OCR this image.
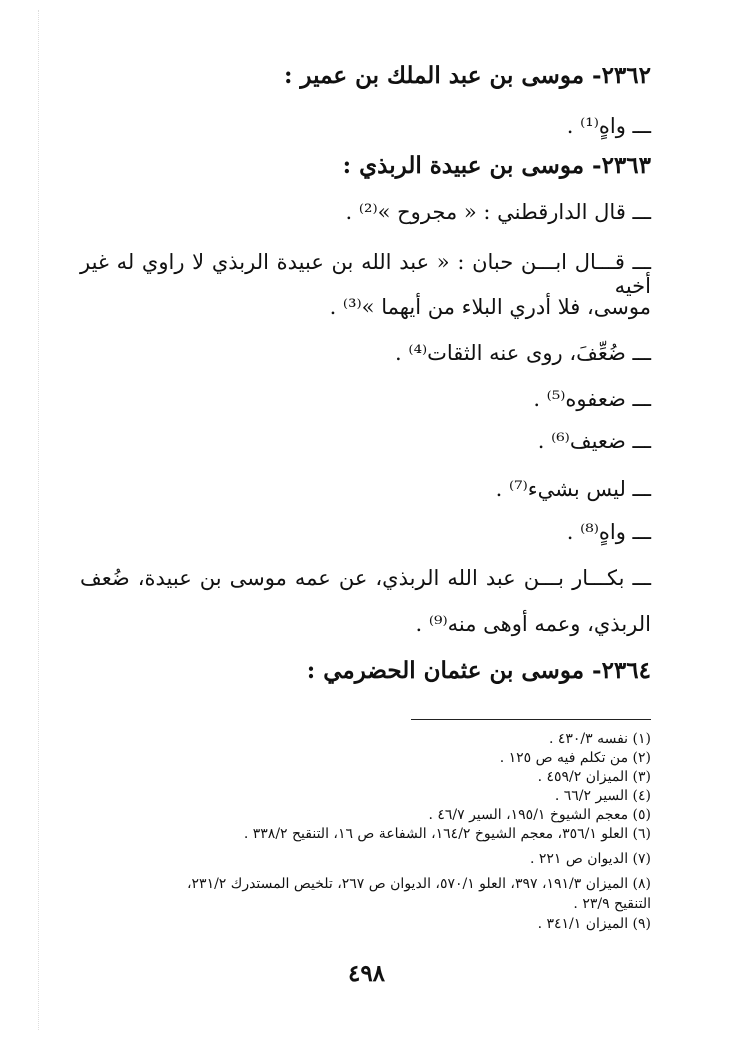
٢٣٦٢- موسى بن عبد الملك بن عمير :
ـــ واهٍ⁽¹⁾ .
٢٣٦٣- موسى بن عبيدة الربذي :
ـــ قال الدارقطني : « مجروح »⁽²⁾ .
ـــ قـــال ابـــن حبان : « عبد الله بن عبيدة الربذي لا راوي له غير أخيه
موسى، فلا أدري البلاء من أيهما »⁽³⁾ .
ـــ ضُعِّفَ، روى عنه الثقات⁽⁴⁾ .
ـــ ضعفوه⁽⁵⁾ .
ـــ ضعيف⁽⁶⁾ .
ـــ ليس بشيء⁽⁷⁾ .
ـــ واهٍ⁽⁸⁾ .
ـــ بكـــار بـــن عبد الله الربذي، عن عمه موسى بن عبيدة، ضُعف
الربذي، وعمه أوهى منه⁽⁹⁾ .
٢٣٦٤- موسى بن عثمان الحضرمي :
(١) نفسه ٤٣٠/٣ .
(٢) من تكلم فيه ص ١٢٥ .
(٣) الميزان ٤٥٩/٢ .
(٤) السير ٦٦/٢ .
(٥) معجم الشيوخ ١٩٥/١، السير ٤٦/٧ .
(٦) العلو ٣٥٦/١، معجم الشيوخ ١٦٤/٢، الشفاعة ص ١٦، التنقيح ٣٣٨/٢ .
(٧) الديوان ص ٢٢١ .
(٨) الميزان ١٩١/٣، ٣٩٧، العلو ٥٧٠/١، الديوان ص ٢٦٧، تلخيص المستدرك ٢٣١/٢،
التنقيح ٢٣/٩ .
(٩) الميزان ٣٤١/١ .
٤٩٨
